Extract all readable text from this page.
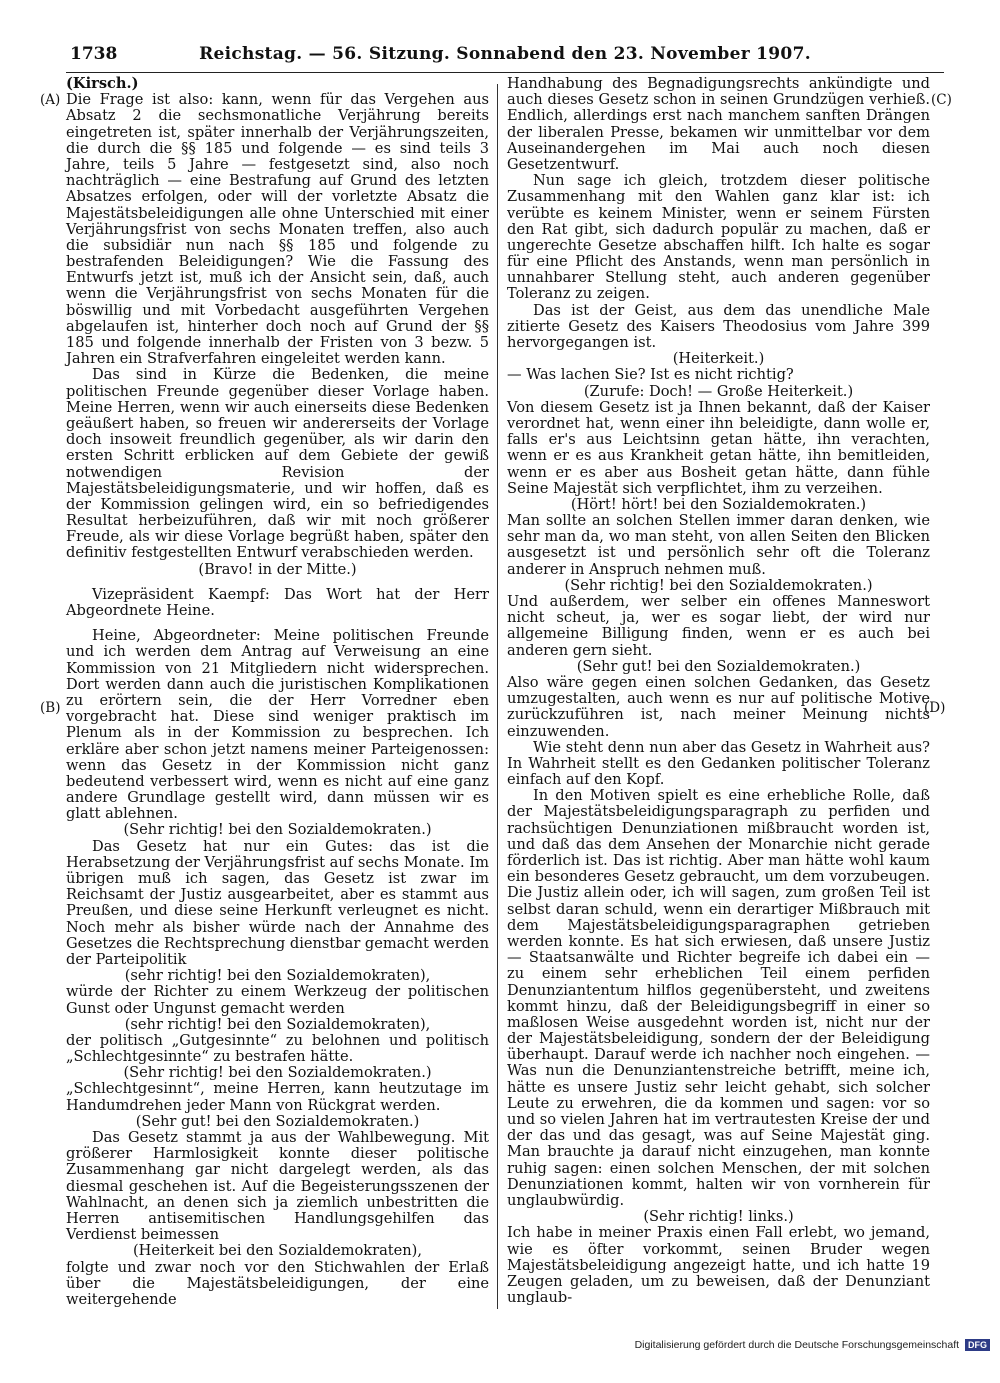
1738	Reichstag. — 56. Sitzung. Sonnabend den 23. November 1907.
(A)
(B)
(C)
(D)

(Kirsch.)

Die Frage ist also: kann, wenn für das Vergehen aus Absatz 2 die sechsmonatliche Verjährung bereits eingetreten ist, später innerhalb der Verjährungszeiten, die durch die §§ 185 und folgende — es sind teils 3 Jahre, teils 5 Jahre — festgesetzt sind, also noch nachträglich — eine Bestrafung auf Grund des letzten Absatzes erfolgen, oder will der vorletzte Absatz die Majestätsbeleidigungen alle ohne Unterschied mit einer Verjährungsfrist von sechs Monaten treffen, also auch die subsidiär nun nach §§ 185 und folgende zu bestrafenden Beleidigungen? Wie die Fassung des Entwurfs jetzt ist, muß ich der Ansicht sein, daß, auch wenn die Verjährungsfrist von sechs Monaten für die böswillig und mit Vorbedacht ausgeführten Vergehen abgelaufen ist, hinterher doch noch auf Grund der §§ 185 und folgende innerhalb der Fristen von 3 bezw. 5 Jahren ein Strafverfahren eingeleitet werden kann.

Das sind in Kürze die Bedenken, die meine politischen Freunde gegenüber dieser Vorlage haben. Meine Herren, wenn wir auch einerseits diese Bedenken geäußert haben, so freuen wir andererseits der Vorlage doch insoweit freundlich gegenüber, als wir darin den ersten Schritt erblicken auf dem Gebiete der gewiß notwendigen Revision der Majestätsbeleidigungsmaterie, und wir hoffen, daß es der Kommission gelingen wird, ein so befriedigendes Resultat herbeizuführen, daß wir mit noch größerer Freude, als wir diese Vorlage begrüßt haben, später den definitiv festgestellten Entwurf verabschieden werden.

(Bravo! in der Mitte.)

Vizepräsident Kaempf: Das Wort hat der Herr Abgeordnete Heine.

Heine, Abgeordneter: Meine politischen Freunde und ich werden dem Antrag auf Verweisung an eine Kommission von 21 Mitgliedern nicht widersprechen. Dort werden dann auch die juristischen Komplikationen zu erörtern sein, die der Herr Vorredner eben vorgebracht hat. Diese sind weniger praktisch im Plenum als in der Kommission zu besprechen. Ich erkläre aber schon jetzt namens meiner Parteigenossen: wenn das Gesetz in der Kommission nicht ganz bedeutend verbessert wird, wenn es nicht auf eine ganz andere Grundlage gestellt wird, dann müssen wir es glatt ablehnen.

(Sehr richtig! bei den Sozialdemokraten.)

Das Gesetz hat nur ein Gutes: das ist die Herabsetzung der Verjährungsfrist auf sechs Monate. Im übrigen muß ich sagen, das Gesetz ist zwar im Reichsamt der Justiz ausgearbeitet, aber es stammt aus Preußen, und diese seine Herkunft verleugnet es nicht. Noch mehr als bisher würde nach der Annahme des Gesetzes die Rechtsprechung dienstbar gemacht werden der Parteipolitik

(sehr richtig! bei den Sozialdemokraten),

würde der Richter zu einem Werkzeug der politischen Gunst oder Ungunst gemacht werden

(sehr richtig! bei den Sozialdemokraten),

der politisch „Gutgesinnte“ zu belohnen und politisch „Schlechtgesinnte“ zu bestrafen hätte.

(Sehr richtig! bei den Sozialdemokraten.)

„Schlechtgesinnt“, meine Herren, kann heutzutage im Handumdrehen jeder Mann von Rückgrat werden.

(Sehr gut! bei den Sozialdemokraten.)

Das Gesetz stammt ja aus der Wahlbewegung. Mit größerer Harmlosigkeit konnte dieser politische Zusammenhang gar nicht dargelegt werden, als das diesmal geschehen ist. Auf die Begeisterungsszenen der Wahlnacht, an denen sich ja ziemlich unbestritten die Herren antisemitischen Handlungsgehilfen das Verdienst beimessen

(Heiterkeit bei den Sozialdemokraten),

folgte und zwar noch vor den Stichwahlen der Erlaß über die Majestätsbeleidigungen, der eine weitergehende

Handhabung des Begnadigungsrechts ankündigte und auch dieses Gesetz schon in seinen Grundzügen verhieß. Endlich, allerdings erst nach manchem sanften Drängen der liberalen Presse, bekamen wir unmittelbar vor dem Auseinandergehen im Mai auch noch diesen Gesetzentwurf.

Nun sage ich gleich, trotzdem dieser politische Zusammenhang mit den Wahlen ganz klar ist: ich verübte es keinem Minister, wenn er seinem Fürsten den Rat gibt, sich dadurch populär zu machen, daß er ungerechte Gesetze abschaffen hilft. Ich halte es sogar für eine Pflicht des Anstands, wenn man persönlich in unnahbarer Stellung steht, auch anderen gegenüber Toleranz zu zeigen.

Das ist der Geist, aus dem das unendliche Male zitierte Gesetz des Kaisers Theodosius vom Jahre 399 hervorgegangen ist.

(Heiterkeit.)

— Was lachen Sie? Ist es nicht richtig?

(Zurufe: Doch! — Große Heiterkeit.)

Von diesem Gesetz ist ja Ihnen bekannt, daß der Kaiser verordnet hat, wenn einer ihn beleidigte, dann wolle er, falls er's aus Leichtsinn getan hätte, ihn verachten, wenn er es aus Krankheit getan hätte, ihn bemitleiden, wenn er es aber aus Bosheit getan hätte, dann fühle Seine Majestät sich verpflichtet, ihm zu verzeihen.

(Hört! hört! bei den Sozialdemokraten.)

Man sollte an solchen Stellen immer daran denken, wie sehr man da, wo man steht, von allen Seiten den Blicken ausgesetzt ist und persönlich sehr oft die Toleranz anderer in Anspruch nehmen muß.

(Sehr richtig! bei den Sozialdemokraten.)

Und außerdem, wer selber ein offenes Manneswort nicht scheut, ja, wer es sogar liebt, der wird nur allgemeine Billigung finden, wenn er es auch bei anderen gern sieht.

(Sehr gut! bei den Sozialdemokraten.)

Also wäre gegen einen solchen Gedanken, das Gesetz umzugestalten, auch wenn es nur auf politische Motive zurückzuführen ist, nach meiner Meinung nichts einzuwenden.

Wie steht denn nun aber das Gesetz in Wahrheit aus? In Wahrheit stellt es den Gedanken politischer Toleranz einfach auf den Kopf.

In den Motiven spielt es eine erhebliche Rolle, daß der Majestätsbeleidigungsparagraph zu perfiden und rachsüchtigen Denunziationen mißbraucht worden ist, und daß das dem Ansehen der Monarchie nicht gerade förderlich ist. Das ist richtig. Aber man hätte wohl kaum ein besonderes Gesetz gebraucht, um dem vorzubeugen. Die Justiz allein oder, ich will sagen, zum großen Teil ist selbst daran schuld, wenn ein derartiger Mißbrauch mit dem Majestätsbeleidigungsparagraphen getrieben werden konnte. Es hat sich erwiesen, daß unsere Justiz — Staatsanwälte und Richter begreife ich dabei ein — zu einem sehr erheblichen Teil einem perfiden Denunziantentum hilflos gegenübersteht, und zweitens kommt hinzu, daß der Beleidigungsbegriff in einer so maßlosen Weise ausgedehnt worden ist, nicht nur der der Majestätsbeleidigung, sondern der der Beleidigung überhaupt. Darauf werde ich nachher noch eingehen. — Was nun die Denunziantenstreiche betrifft, meine ich, hätte es unsere Justiz sehr leicht gehabt, sich solcher Leute zu erwehren, die da kommen und sagen: vor so und so vielen Jahren hat im vertrautesten Kreise der und der das und das gesagt, was auf Seine Majestät ging. Man brauchte ja darauf nicht einzugehen, man konnte ruhig sagen: einen solchen Menschen, der mit solchen Denunziationen kommt, halten wir von vornherein für unglaubwürdig.

(Sehr richtig! links.)

Ich habe in meiner Praxis einen Fall erlebt, wo jemand, wie es öfter vorkommt, seinen Bruder wegen Majestätsbeleidigung angezeigt hatte, und ich hatte 19 Zeugen geladen, um zu beweisen, daß der Denunziant unglaub-

Digitalisierung gefördert durch die Deutsche Forschungsgemeinschaft DFG
